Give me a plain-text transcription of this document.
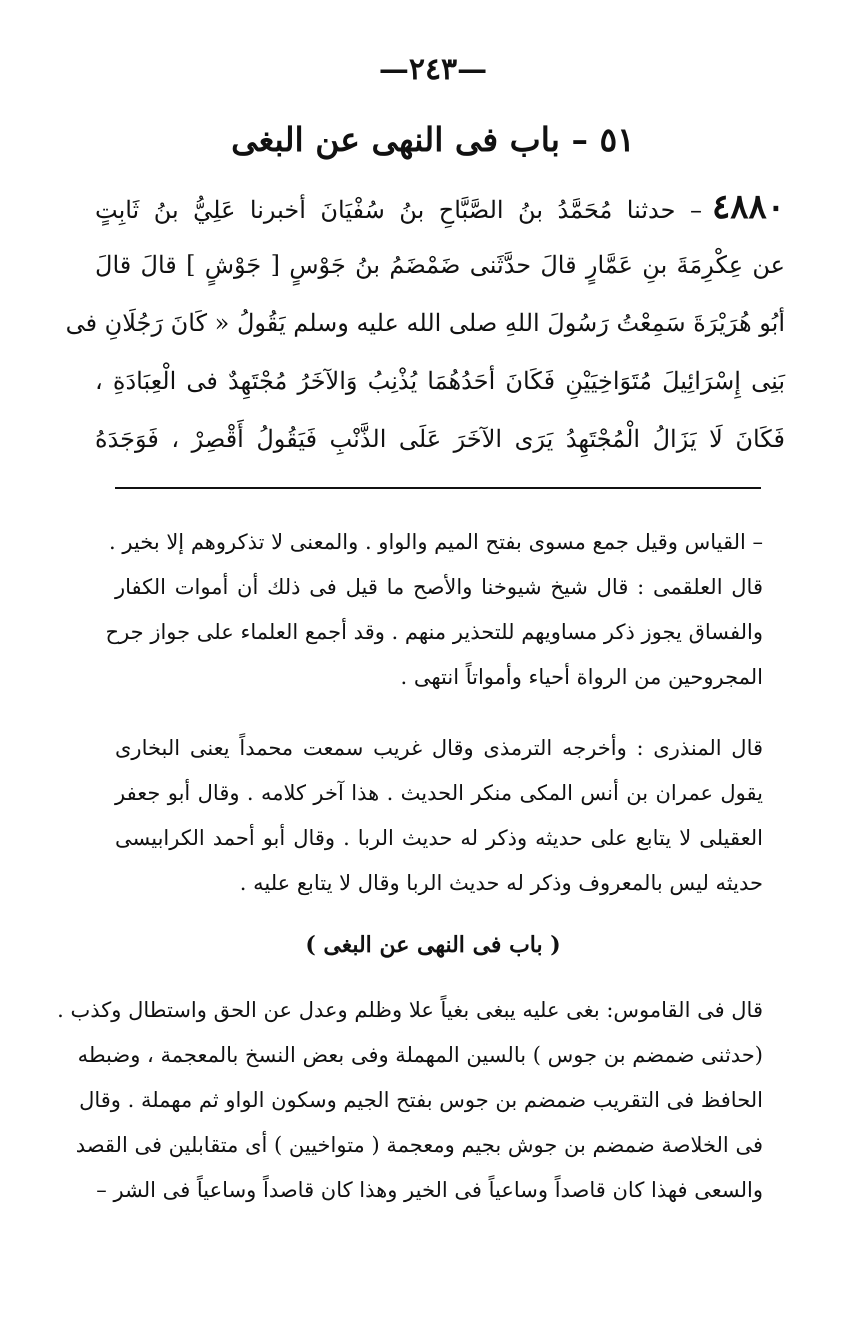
—٢٤٣—
٥١ – باب فى النهى عن البغى
٤٨٨٠– حدثنا مُحَمَّدُ بنُ الصَّبَّاحِ بنُ سُفْيَانَ أخبرنا عَلِيُّ بنُ ثَابِتٍ
عن عِكْرِمَةَ بنِ عَمَّارٍ قالَ حدَّثَنى ضَمْضَمُ بنُ جَوْسٍ [ جَوْشٍ ] قالَ قالَ
أبُو هُرَيْرَةَ سَمِعْتُ رَسُولَ اللهِ صلى الله عليه وسلم يَقُولُ « كَانَ رَجُلَانِ فى
بَنِى إِسْرَائِيلَ مُتَوَاخِيَيْنِ فَكَانَ أحَدُهُمَا يُذْنِبُ وَالآخَرُ مُجْتَهِدٌ فى الْعِبَادَةِ ،
فَكَانَ لَا يَزَالُ الْمُجْتَهِدُ يَرَى الآخَرَ عَلَى الذَّنْبِ فَيَقُولُ أَقْصِرْ ، فَوَجَدَهُ
– القياس وقيل جمع مسوى بفتح الميم والواو . والمعنى لا تذكروهم إلا بخير .
قال العلقمى : قال شيخ شيوخنا والأصح ما قيل فى ذلك أن أموات الكفار
والفساق يجوز ذكر مساويهم للتحذير منهم . وقد أجمع العلماء على جواز جرح
المجروحين من الرواة أحياء وأمواتاً انتهى .
قال المنذرى : وأخرجه الترمذى وقال غريب سمعت محمداً يعنى البخارى
يقول عمران بن أنس المكى منكر الحديث . هذا آخر كلامه . وقال أبو جعفر
العقيلى لا يتابع على حديثه وذكر له حديث الربا . وقال أبو أحمد الكرابيسى
حديثه ليس بالمعروف وذكر له حديث الربا وقال لا يتابع عليه .
( باب فى النهى عن البغى )
قال فى القاموس: بغى عليه يبغى بغياً علا وظلم وعدل عن الحق واستطال وكذب .
(حدثنى ضمضم بن جوس ) بالسين المهملة وفى بعض النسخ بالمعجمة ، وضبطه
الحافظ فى التقريب ضمضم بن جوس بفتح الجيم وسكون الواو ثم مهملة . وقال
فى الخلاصة ضمضم بن جوش بجيم ومعجمة ( متواخيين ) أى متقابلين فى القصد
والسعى فهذا كان قاصداً وساعياً فى الخير وهذا كان قاصداً وساعياً فى الشر –
